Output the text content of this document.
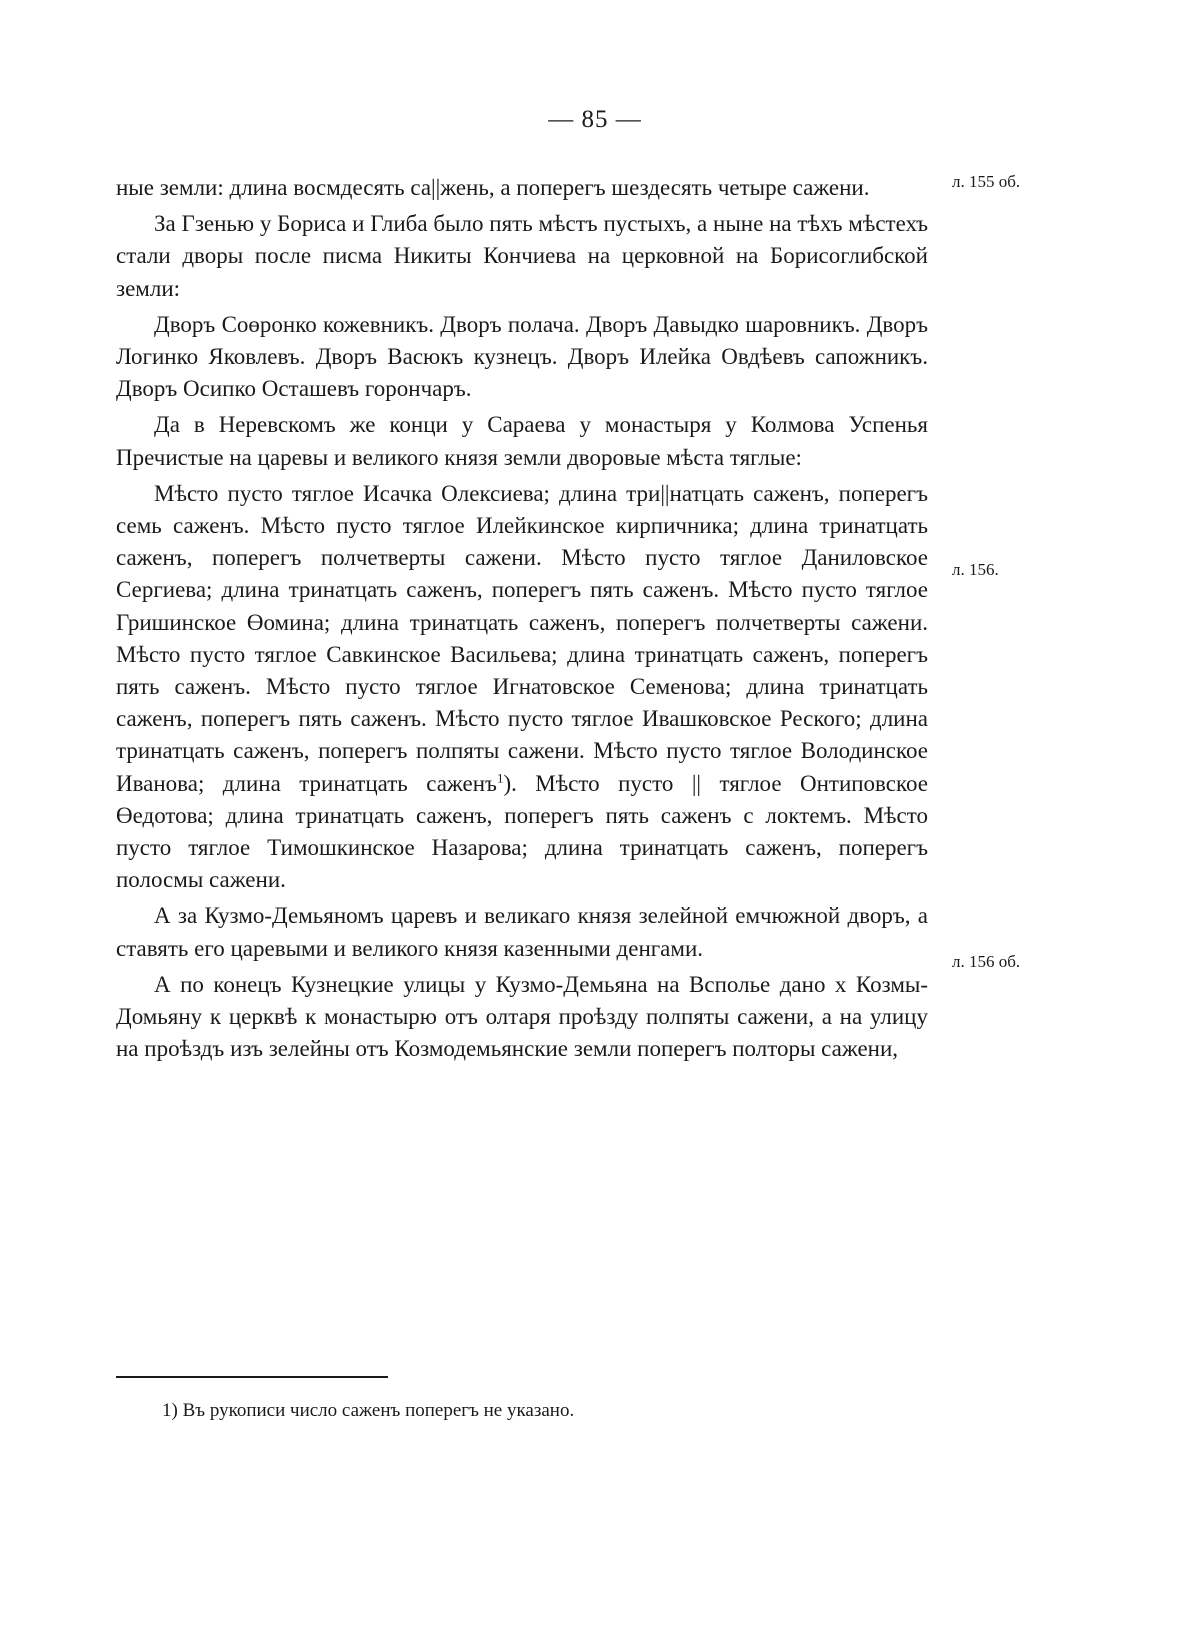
— 85 —

ные земли: длина восмдесять са||жень, а поперегъ шездесять четыре сажени.

За Гзенью у Бориса и Глиба было пять мѣстъ пустыхъ, а ныне на тѣхъ мѣстехъ стали дворы после писма Никиты Кончиева на церковной на Борисоглибской земли:

Дворъ Соөронко кожевникъ. Дворъ полача. Дворъ Давыдко шаровникъ. Дворъ Логинко Яковлевъ. Дворъ Васюкъ кузнецъ. Дворъ Илейка Овдѣевъ сапожникъ. Дворъ Осипко Осташевъ горончаръ.

Да в Неревскомъ же конци у Сараева у монастыря у Колмова Успенья Пречистые на царевы и великого князя земли дворовые мѣста тяглые:

Мѣсто пусто тяглое Исачка Олексиева; длина три||натцать саженъ, поперегъ семь саженъ. Мѣсто пусто тяглое Илейкинское кирпичника; длина тринатцать саженъ, поперегъ полчетверты сажени. Мѣсто пусто тяглое Даниловское Сергиева; длина тринатцать саженъ, поперегъ пять саженъ. Мѣсто пусто тяглое Гришинское Өомина; длина тринатцать саженъ, поперегъ полчетверты сажени. Мѣсто пусто тяглое Савкинское Васильева; длина тринатцать саженъ, поперегъ пять саженъ. Мѣсто пусто тяглое Игнатовское Семенова; длина тринатцать саженъ, поперегъ пять саженъ. Мѣсто пусто тяглое Ивашковское Реского; длина тринатцать саженъ, поперегъ полпяты сажени. Мѣсто пусто тяглое Володинское Иванова; длина тринатцать саженъ$^1$). Мѣсто пусто || тяглое Онтиповское Өедотова; длина тринатцать саженъ, поперегъ пять саженъ с локтемъ. Мѣсто пусто тяглое Тимошкинское Назарова; длина тринатцать саженъ, поперегъ полосмы сажени.

А за Кузмо-Демьяномъ царевъ и великаго князя зелейной емчюжной дворъ, а ставять его царевыми и великого князя казенными денгами.

А по конецъ Кузнецкие улицы у Кузмо-Демьяна на Всполье дано х Козмы-Домьяну к церквѣ к монастырю отъ олтаря проѣзду полпяты сажени, а на улицу на проѣздъ изъ зелейны отъ Козмодемьянские земли поперегъ полторы сажени,

л. 155 об.
л. 156.
л. 156 об.
1) Въ рукописи число саженъ поперегъ не указано.
